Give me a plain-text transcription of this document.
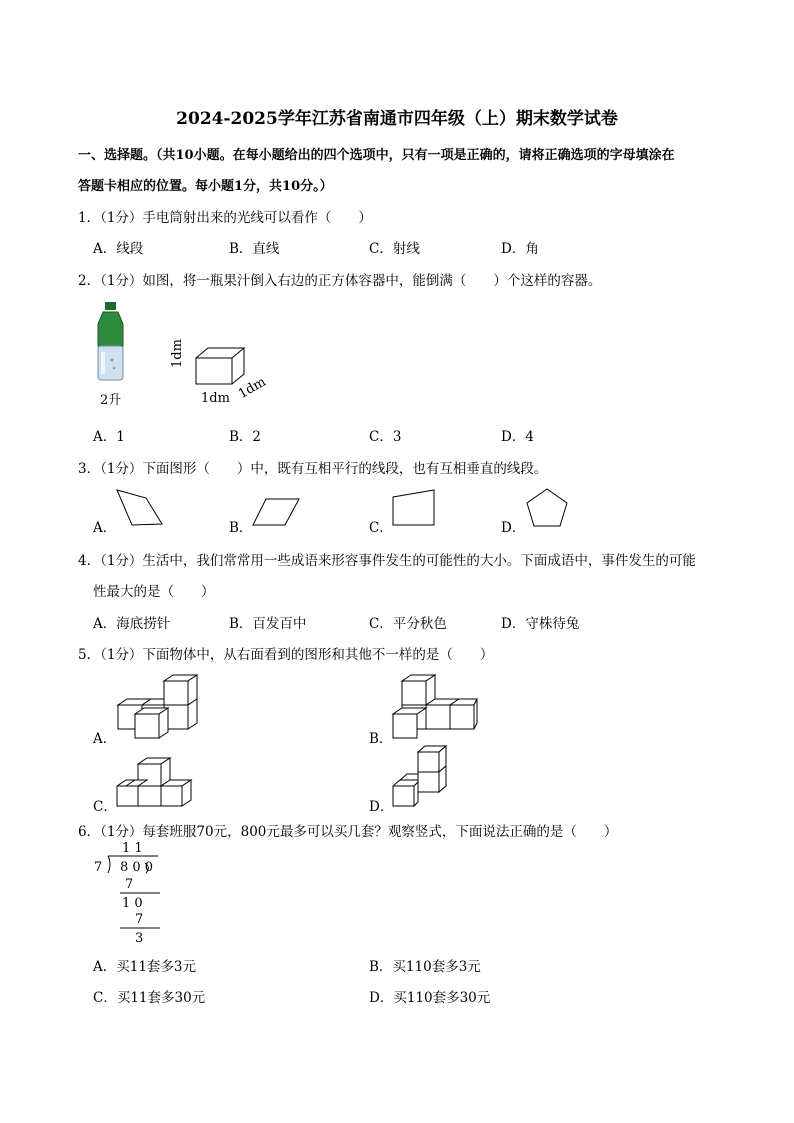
2024-2025学年江苏省南通市四年级（上）期末数学试卷
一、选择题。（共10小题。在每小题给出的四个选项中，只有一项是正确的，请将正确选项的字母填涂在
答题卡相应的位置。每小题1分，共10分。）
1．（1分）手电筒射出来的光线可以看作（　　）
A．线段	B．直线	C．射线	D．角
2．（1分）如图，将一瓶果汁倒入右边的正方体容器中，能倒满（　　）个这样的容器。
2升
1dm
1dm 1dm
A．1	B．2	C．3	D．4
3．（1分）下面图形（　　）中，既有互相平行的线段，也有互相垂直的线段。
A．	B．	C．	D．
4．（1分）生活中，我们常常用一些成语来形容事件发生的可能性的大小。下面成语中，事件发生的可能
性最大的是（　　）
A．海底捞针	B．百发百中	C．平分秋色	D．守株待兔
5．（1分）下面物体中，从右面看到的图形和其他不一样的是（　　）
A．	B．
C．	D．
6．（1分）每套班服70元，800元最多可以买几套？观察竖式，下面说法正确的是（　　）
1 1
7 8 0 0
7
1 0
7
3
A．买11套多3元	B．买110套多3元
C．买11套多30元	D．买110套多30元
